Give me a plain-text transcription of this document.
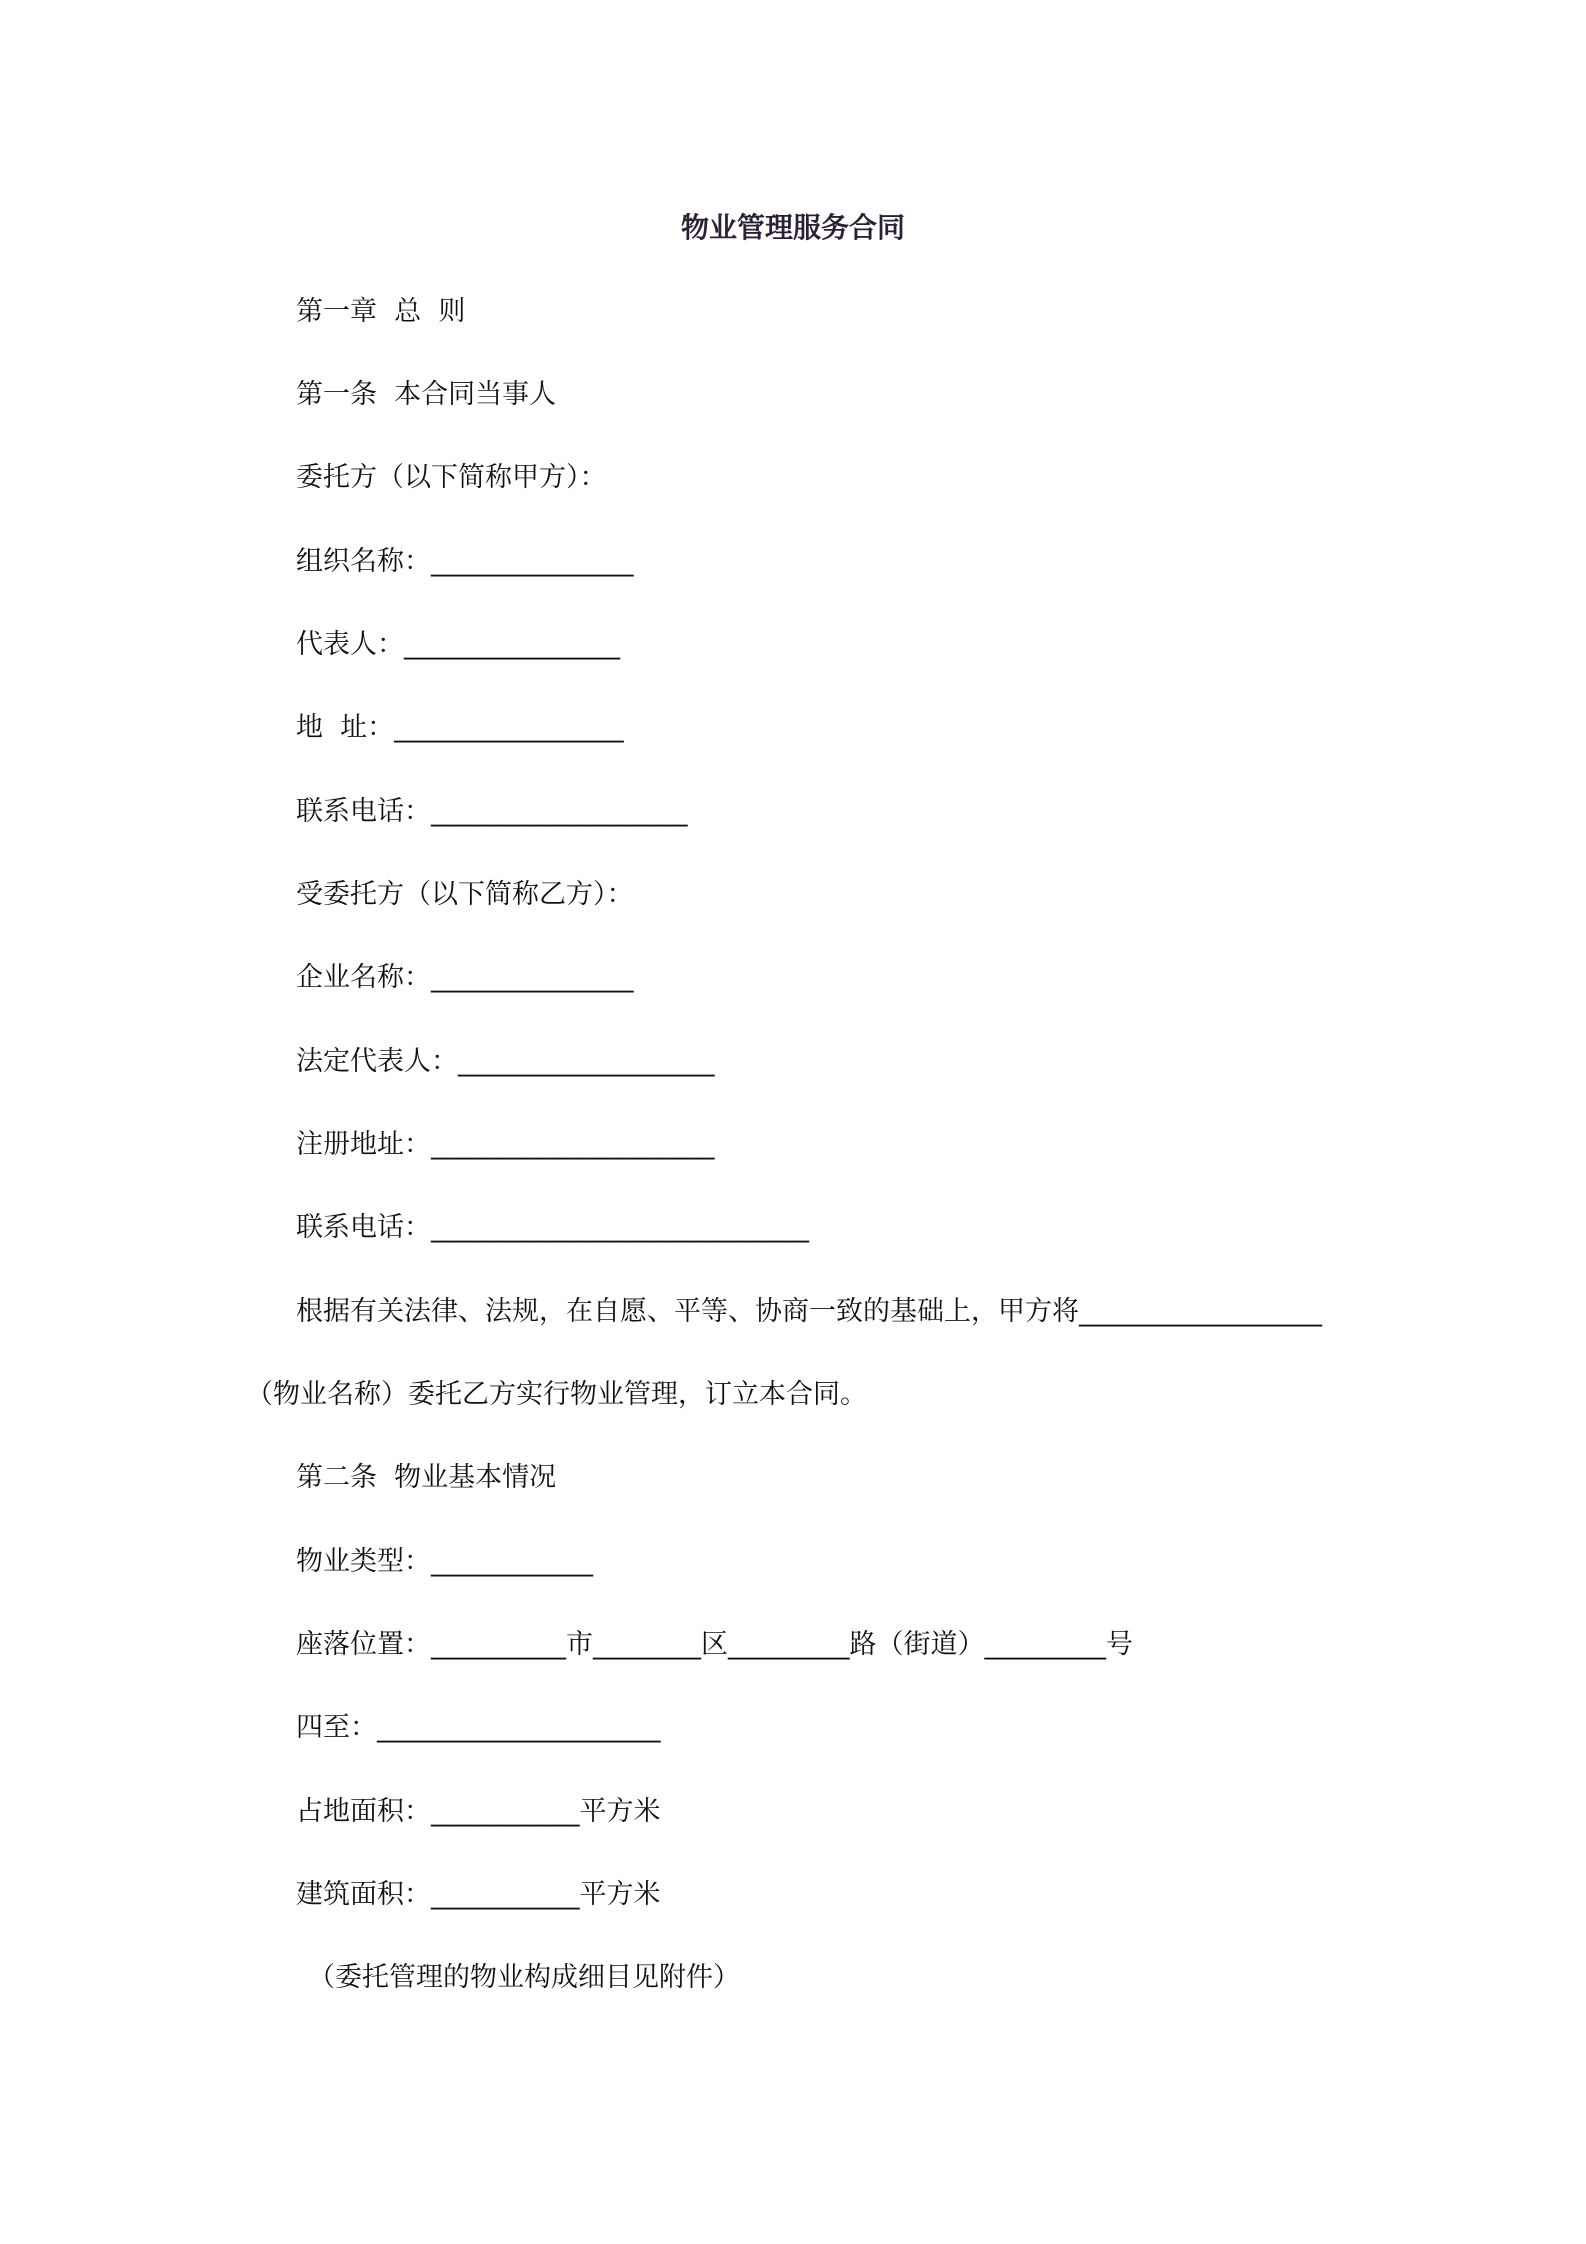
物业管理服务合同
第一章  总  则
第一条  本合同当事人
委托方（以下简称甲方）：
组织名称：_______________
代表人：________________
地  址：_________________
联系电话：___________________
受委托方（以下简称乙方）：
企业名称：_______________
法定代表人：___________________
注册地址：_____________________
联系电话：____________________________
根据有关法律、法规，在自愿、平等、协商一致的基础上，甲方将__________________
（物业名称）委托乙方实行物业管理，订立本合同。
第二条  物业基本情况
物业类型：____________
座落位置：__________市________区_________路（街道）_________号
四至：_____________________
占地面积：___________平方米
建筑面积：___________平方米
（委托管理的物业构成细目见附件）
